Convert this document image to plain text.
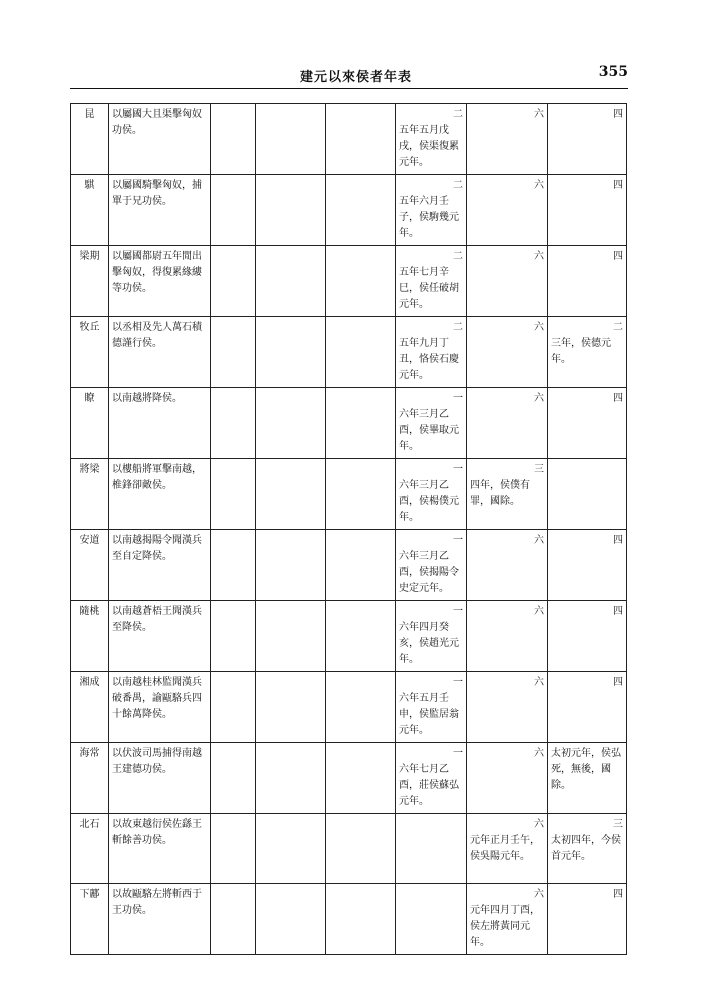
建元以來侯者年表	355
昆	以屬國大且渠擊匈奴功侯。				二
五年五月戊戌，侯渠復累元年。	六	四

騏	以屬國騎擊匈奴，捕單于兄功侯。				二
五年六月壬子，侯駒幾元年。	六	四

梁期	以屬國都尉五年閒出擊匈奴，得復累緣縷等功侯。				二
五年七月辛巳，侯任破胡元年。	六	四

牧丘	以丞相及先人萬石積德謹行侯。				二
五年九月丁丑，恪侯石慶元年。	六	二
三年，侯德元年。

瞭	以南越將降侯。				一
六年三月乙酉，侯畢取元年。	六	四

將梁	以樓船將軍擊南越，椎鋒卻敵侯。				一
六年三月乙酉，侯楊僕元年。	三
四年，侯僕有罪，國除。	

安道	以南越揭陽令聞漢兵至自定降侯。				一
六年三月乙酉，侯揭陽令史定元年。	六	四

隨桃	以南越蒼梧王聞漢兵至降侯。				一
六年四月癸亥，侯趙光元年。	六	四

湘成	以南越桂林監聞漢兵破番禺，諭甌駱兵四十餘萬降侯。				一
六年五月壬申，侯監居翁元年。	六	四

海常	以伏波司馬捕得南越王建德功侯。				一
六年七月乙酉，莊侯蘇弘元年。	六	太初元年，侯弘死，無後，國除。

北石	以故東越衍侯佐繇王斬餘善功侯。					六
元年正月壬午，侯吳陽元年。	三
太初四年，今侯首元年。

下酈	以故甌駱左將斬西于王功侯。					六
元年四月丁酉，侯左將黃同元年。	四
